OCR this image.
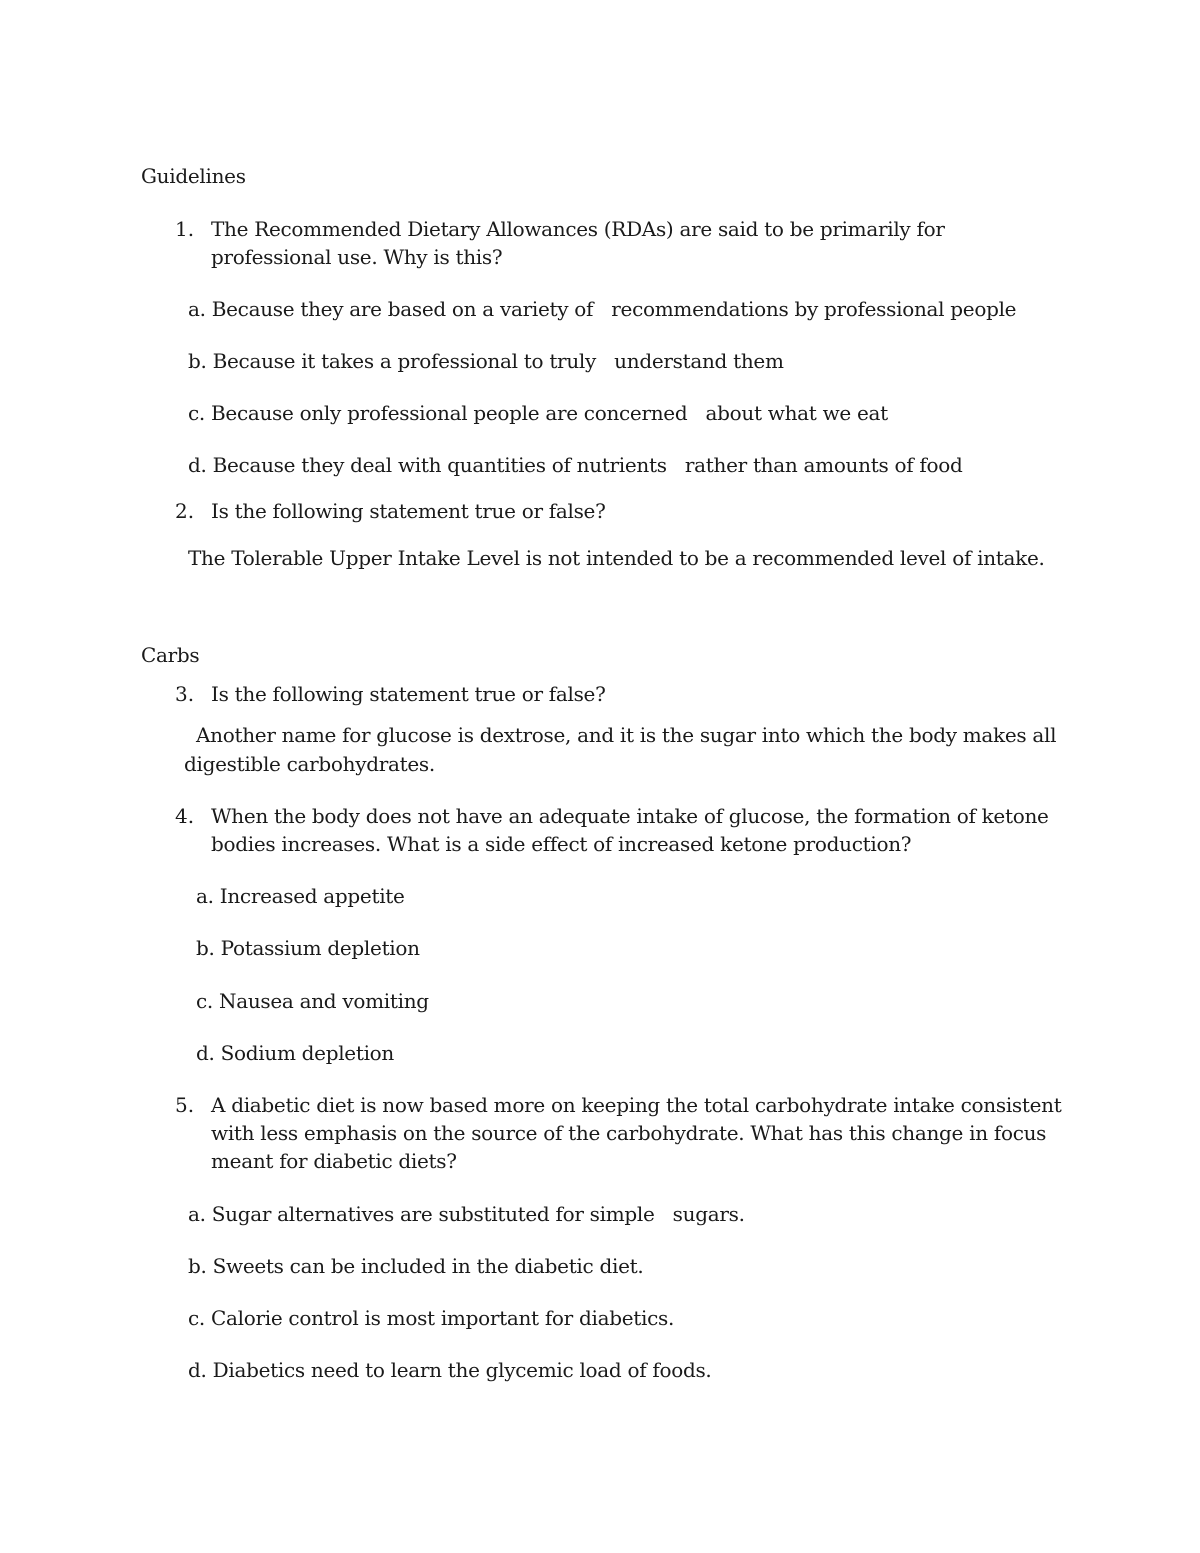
Guidelines
1. The Recommended Dietary Allowances (RDAs) are said to be primarily for
professional use. Why is this?
a. Because they are based on a variety of   recommendations by professional people
b. Because it takes a professional to truly   understand them
c. Because only professional people are concerned   about what we eat
d. Because they deal with quantities of nutrients   rather than amounts of food
2. Is the following statement true or false?
The Tolerable Upper Intake Level is not intended to be a recommended level of intake.
Carbs
3. Is the following statement true or false?
Another name for glucose is dextrose, and it is the sugar into which the body makes all
digestible carbohydrates.
4. When the body does not have an adequate intake of glucose, the formation of ketone
bodies increases. What is a side effect of increased ketone production?
a. Increased appetite
b. Potassium depletion
c. Nausea and vomiting
d. Sodium depletion
5. A diabetic diet is now based more on keeping the total carbohydrate intake consistent
with less emphasis on the source of the carbohydrate. What has this change in focus
meant for diabetic diets?
a. Sugar alternatives are substituted for simple   sugars.
b. Sweets can be included in the diabetic diet.
c. Calorie control is most important for diabetics.
d. Diabetics need to learn the glycemic load of foods.
